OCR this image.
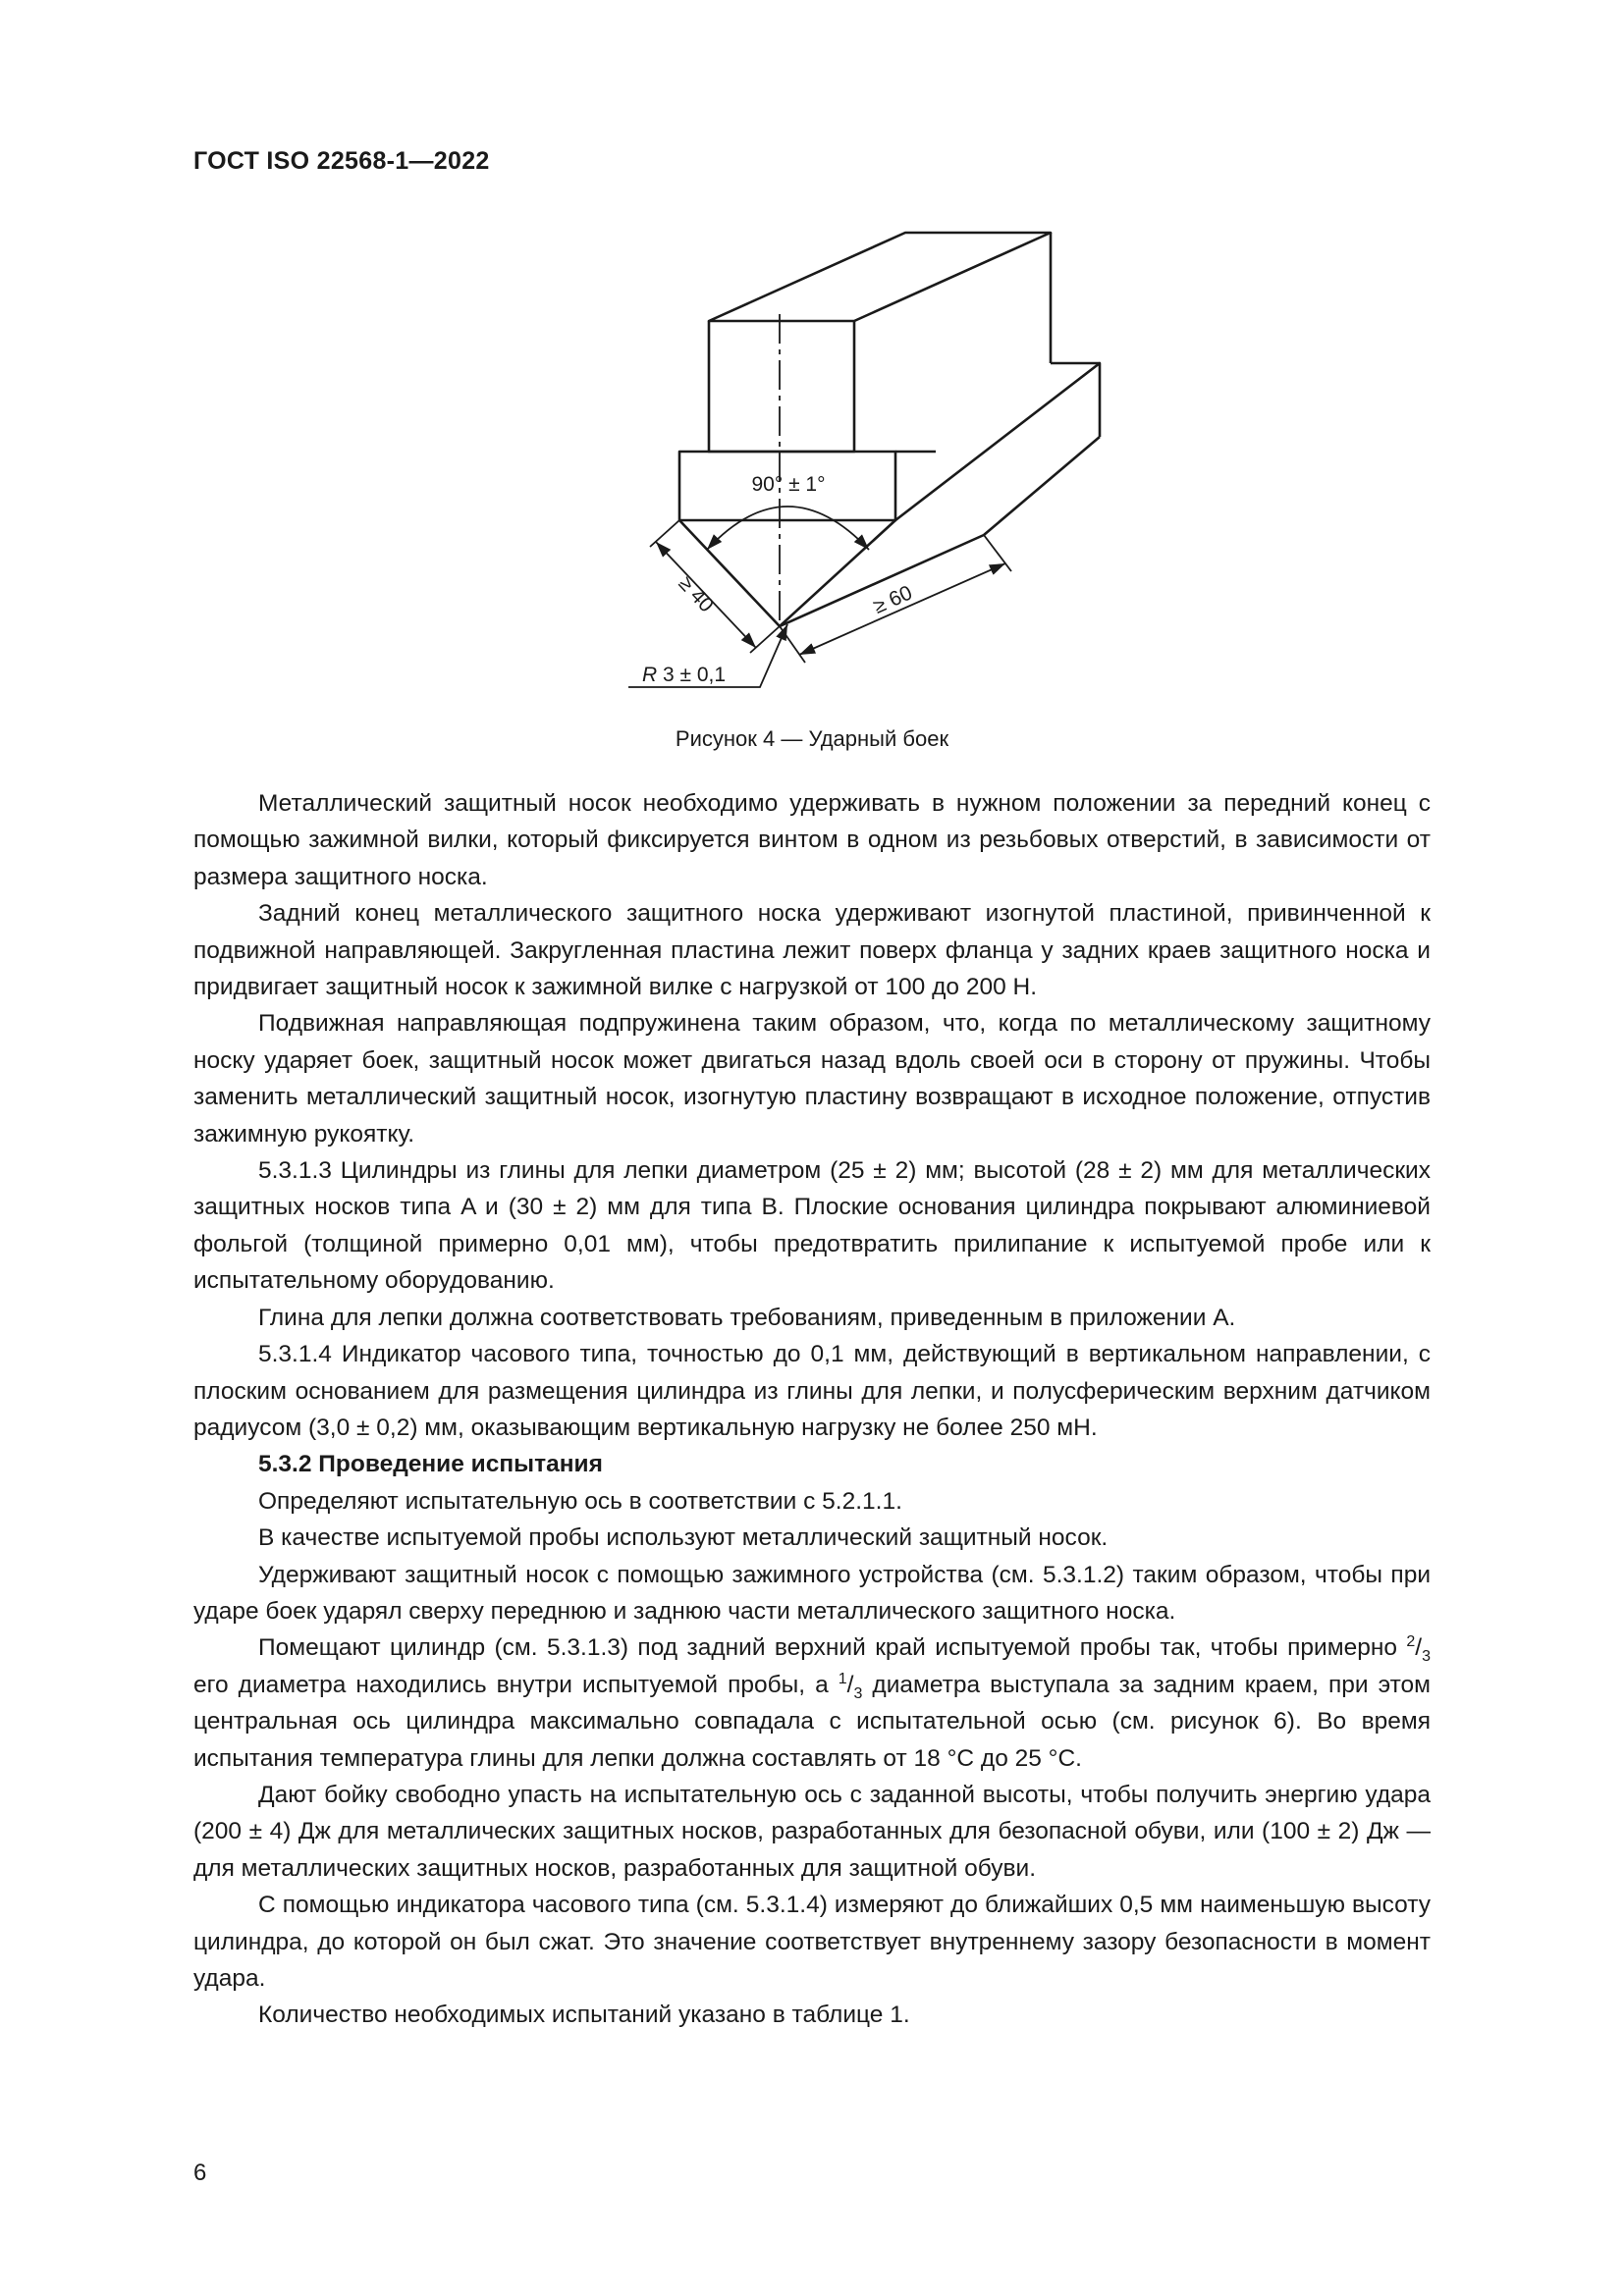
ГОСТ ISO 22568-1—2022
90° ± 1°
≥ 40	≥ 60
R 3 ± 0,1
Рисунок 4 — Ударный боек

Металлический защитный носок необходимо удерживать в нужном положении за передний конец с помощью зажимной вилки, который фиксируется винтом в одном из резьбовых отверстий, в зависимости от размера защитного носка.

Задний конец металлического защитного носка удерживают изогнутой пластиной, привинченной к подвижной направляющей. Закругленная пластина лежит поверх фланца у задних краев защитного носка и придвигает защитный носок к зажимной вилке с нагрузкой от 100 до 200 Н.

Подвижная направляющая подпружинена таким образом, что, когда по металлическому защитному носку ударяет боек, защитный носок может двигаться назад вдоль своей оси в сторону от пружины. Чтобы заменить металлический защитный носок, изогнутую пластину возвращают в исходное положение, отпустив зажимную рукоятку.

5.3.1.3 Цилиндры из глины для лепки диаметром (25 ± 2) мм; высотой (28 ± 2) мм для металлических защитных носков типа A и (30 ± 2) мм для типа B. Плоские основания цилиндра покрывают алюминиевой фольгой (толщиной примерно 0,01 мм), чтобы предотвратить прилипание к испытуемой пробе или к испытательному оборудованию.

Глина для лепки должна соответствовать требованиям, приведенным в приложении А.

5.3.1.4 Индикатор часового типа, точностью до 0,1 мм, действующий в вертикальном направлении, с плоским основанием для размещения цилиндра из глины для лепки, и полусферическим верхним датчиком радиусом (3,0 ± 0,2) мм, оказывающим вертикальную нагрузку не более 250 мН.

5.3.2 Проведение испытания

Определяют испытательную ось в соответствии с 5.2.1.1.

В качестве испытуемой пробы используют металлический защитный носок.

Удерживают защитный носок с помощью зажимного устройства (см. 5.3.1.2) таким образом, чтобы при ударе боек ударял сверху переднюю и заднюю части металлического защитного носка.

Помещают цилиндр (см. 5.3.1.3) под задний верхний край испытуемой пробы так, чтобы примерно $^2/_3$ его диаметра находились внутри испытуемой пробы, а $^1/_3$ диаметра выступала за задним краем, при этом центральная ось цилиндра максимально совпадала с испытательной осью (см. рисунок 6). Во время испытания температура глины для лепки должна составлять от 18 °C до 25 °C.

Дают бойку свободно упасть на испытательную ось с заданной высоты, чтобы получить энергию удара (200 ± 4) Дж для металлических защитных носков, разработанных для безопасной обуви, или (100 ± 2) Дж — для металлических защитных носков, разработанных для защитной обуви.

С помощью индикатора часового типа (см. 5.3.1.4) измеряют до ближайших 0,5 мм наименьшую высоту цилиндра, до которой он был сжат. Это значение соответствует внутреннему зазору безопасности в момент удара.

Количество необходимых испытаний указано в таблице 1.

6
